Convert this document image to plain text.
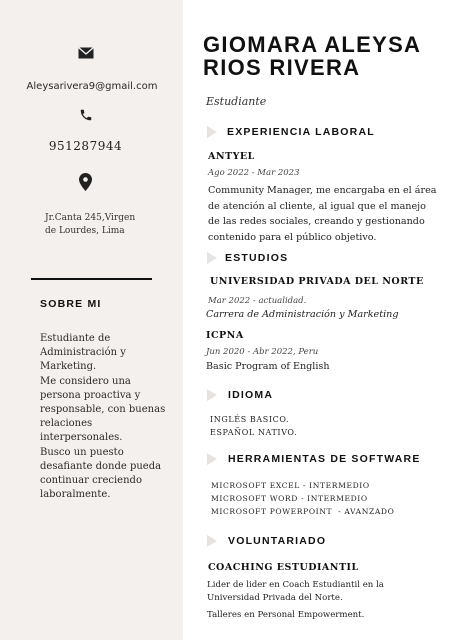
Aleysarivera9@gmail.com
951287944
Jr.Canta 245,Virgen
de Lourdes, Lima
SOBRE MI
Estudiante de
Administración y
Marketing.
Me considero una
persona proactiva y
responsable, con buenas
relaciones
interpersonales.
Busco un puesto
desafiante donde pueda
continuar creciendo
laboralmente.
GIOMARA ALEYSA
RIOS RIVERA
Estudiante
EXPERIENCIA LABORAL
ANTYEL
Ago 2022 - Mar 2023
Community Manager, me encargaba en el área
de atención al cliente, al igual que el manejo
de las redes sociales, creando y gestionando
contenido para el público objetivo.
ESTUDIOS
UNIVERSIDAD PRIVADA DEL NORTE
Mar 2022 - actualidad.
Carrera de Administración y Marketing
ICPNA
Jun 2020 - Abr 2022, Peru
Basic Program of English
IDIOMA
INGLÉS BASICO.
ESPAÑOL NATIVO.
HERRAMIENTAS DE SOFTWARE
MICROSOFT EXCEL - INTERMEDIO
MICROSOFT WORD - INTERMEDIO
MICROSOFT POWERPOINT  - AVANZADO
VOLUNTARIADO
COACHING ESTUDIANTIL
Lider de lider en Coach Estudiantil en la
Universidad Privada del Norte.
Talleres en Personal Empowerment.
